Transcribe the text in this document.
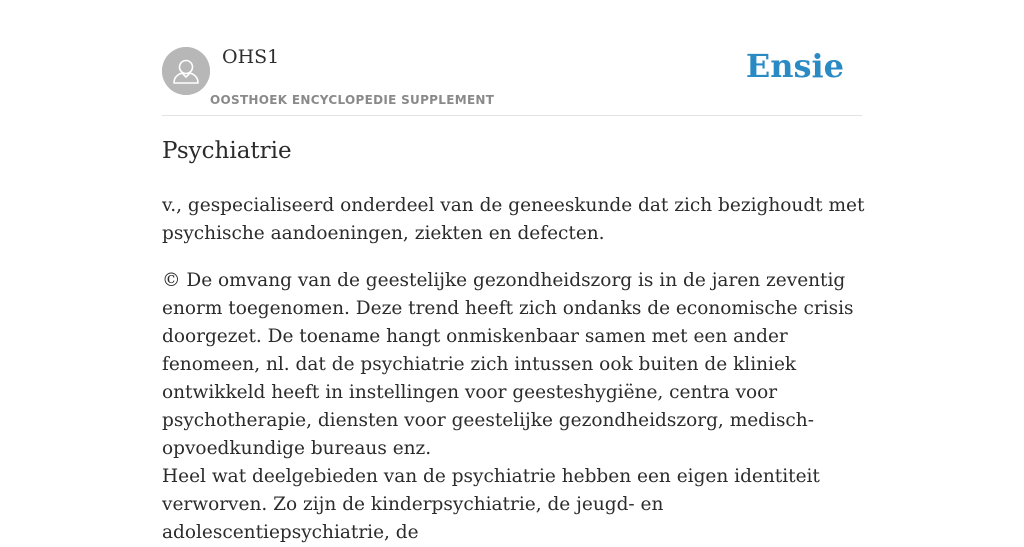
OHS1
OOSTHOEK ENCYCLOPEDIE SUPPLEMENT
Ensie
Psychiatrie

v., gespecialiseerd onderdeel van de geneeskunde dat zich bezighoudt met psychische aandoeningen, ziekten en defecten.

© De omvang van de geestelijke gezondheidszorg is in de jaren zeventig enorm toegenomen. Deze trend heeft zich ondanks de economische crisis doorgezet. De toename hangt onmiskenbaar samen met een ander fenomeen, nl. dat de psychiatrie zich intussen ook buiten de kliniek ontwikkeld heeft in instellingen voor geesteshygiëne, centra voor psychotherapie, diensten voor geestelijke gezondheidszorg, medisch-opvoedkundige bureaus enz.

Heel wat deelgebieden van de psychiatrie hebben een eigen identiteit verworven. Zo zijn de kinderpsychiatrie, de jeugd- en adolescentiepsychiatrie, de
